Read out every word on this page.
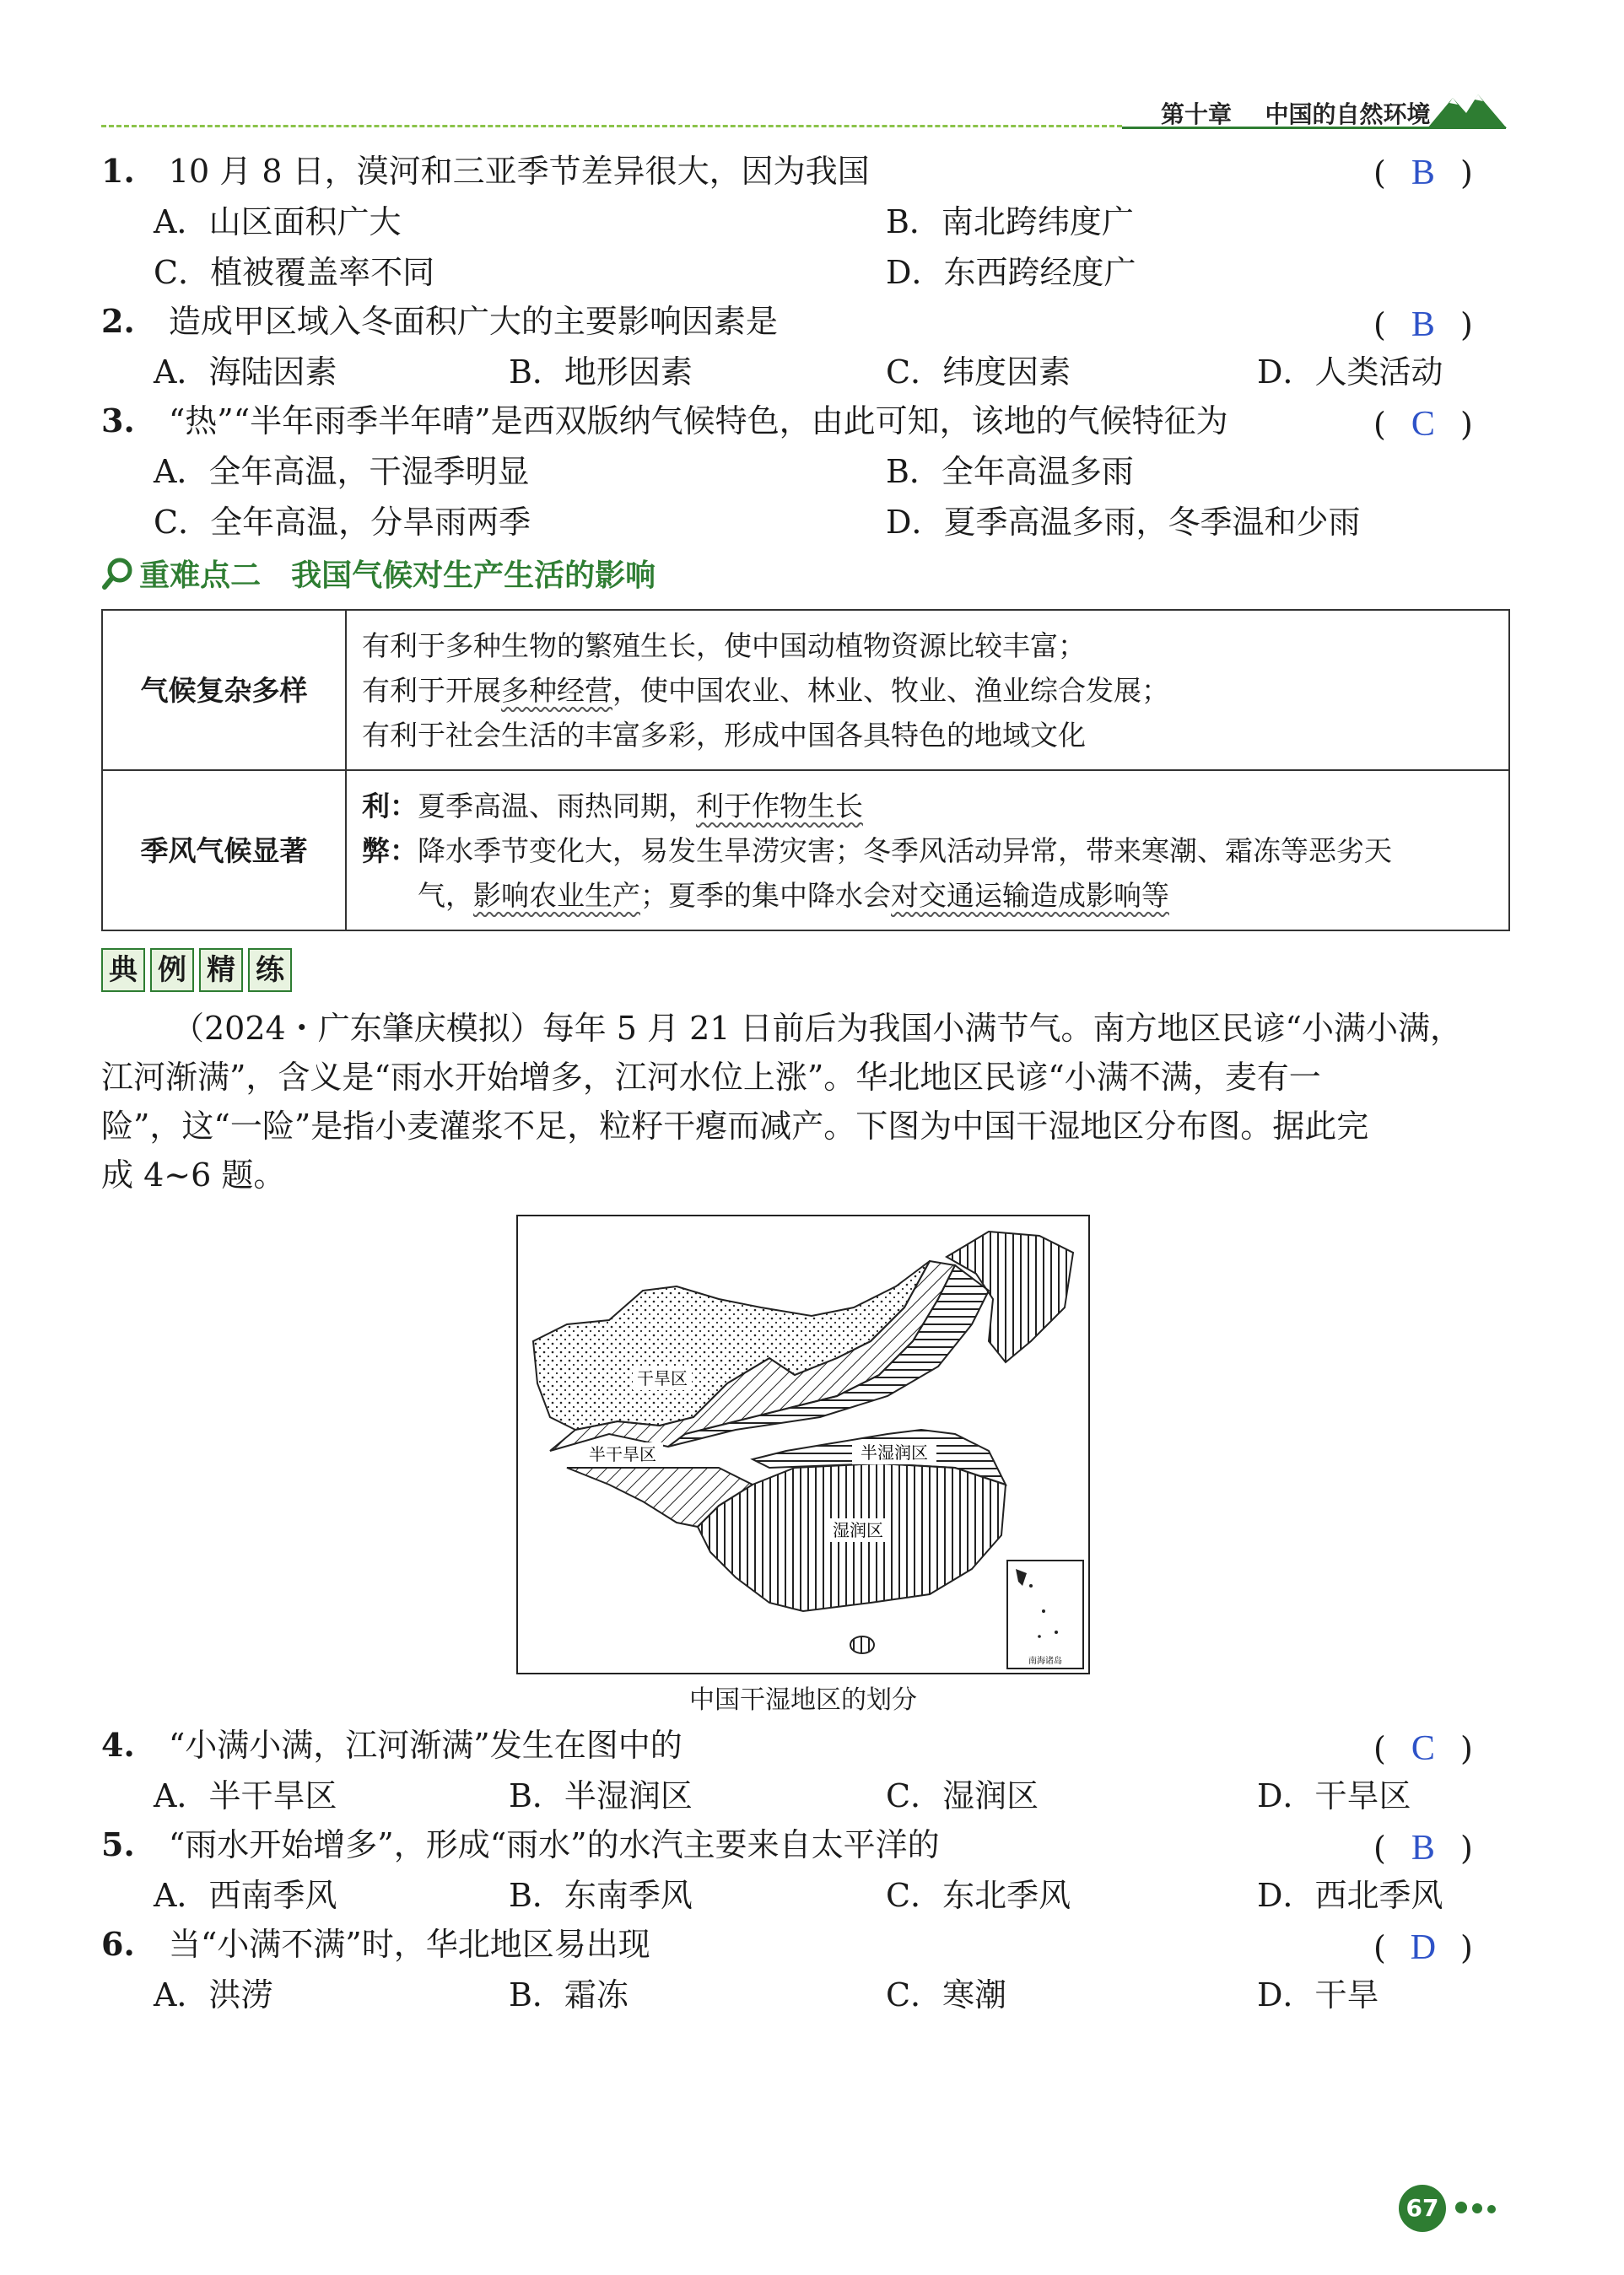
第十章 中国的自然环境
1. 10 月 8 日，漠河和三亚季节差异很大，因为我国	( B )
A．山区面积广大	B．南北跨纬度广
C．植被覆盖率不同	D．东西跨经度广
2. 造成甲区域入冬面积广大的主要影响因素是	( B )
A．海陆因素	B．地形因素	C．纬度因素	D．人类活动
3. “热”“半年雨季半年晴”是西双版纳气候特色，由此可知，该地的气候特征为	( C )
A．全年高温，干湿季明显	B．全年高温多雨
C．全年高温，分旱雨两季	D．夏季高温多雨，冬季温和少雨
重难点二　我国气候对生产生活的影响
气候复杂多样	有利于多种生物的繁殖生长，使中国动植物资源比较丰富；
有利于开展多种经营，使中国农业、林业、牧业、渔业综合发展；
有利于社会生活的丰富多彩，形成中国各具特色的地域文化

季风气候显著	利：夏季高温、雨热同期，利于作物生长
弊：降水季节变化大，易发生旱涝灾害；冬季风活动异常，带来寒潮、霜冻等恶劣天
气，影响农业生产；夏季的集中降水会对交通运输造成影响等
典 例 精 练
（2024・广东肇庆模拟）每年 5 月 21 日前后为我国小满节气。南方地区民谚“小满小满，
江河渐满”，含义是“雨水开始增多，江河水位上涨”。华北地区民谚“小满不满，麦有一
险”，这“一险”是指小麦灌浆不足，粒籽干瘪而减产。下图为中国干湿地区分布图。据此完
成 4~6 题。
干旱区
半干旱区	半湿润区
湿润区
南海诸岛
中国干湿地区的划分
4. “小满小满，江河渐满”发生在图中的	( C )
A．半干旱区	B．半湿润区	C．湿润区	D．干旱区
5. “雨水开始增多”，形成“雨水”的水汽主要来自太平洋的	( B )
A．西南季风	B．东南季风	C．东北季风	D．西北季风
6. 当“小满不满”时，华北地区易出现	( D )
A．洪涝	B．霜冻	C．寒潮	D．干旱
67
